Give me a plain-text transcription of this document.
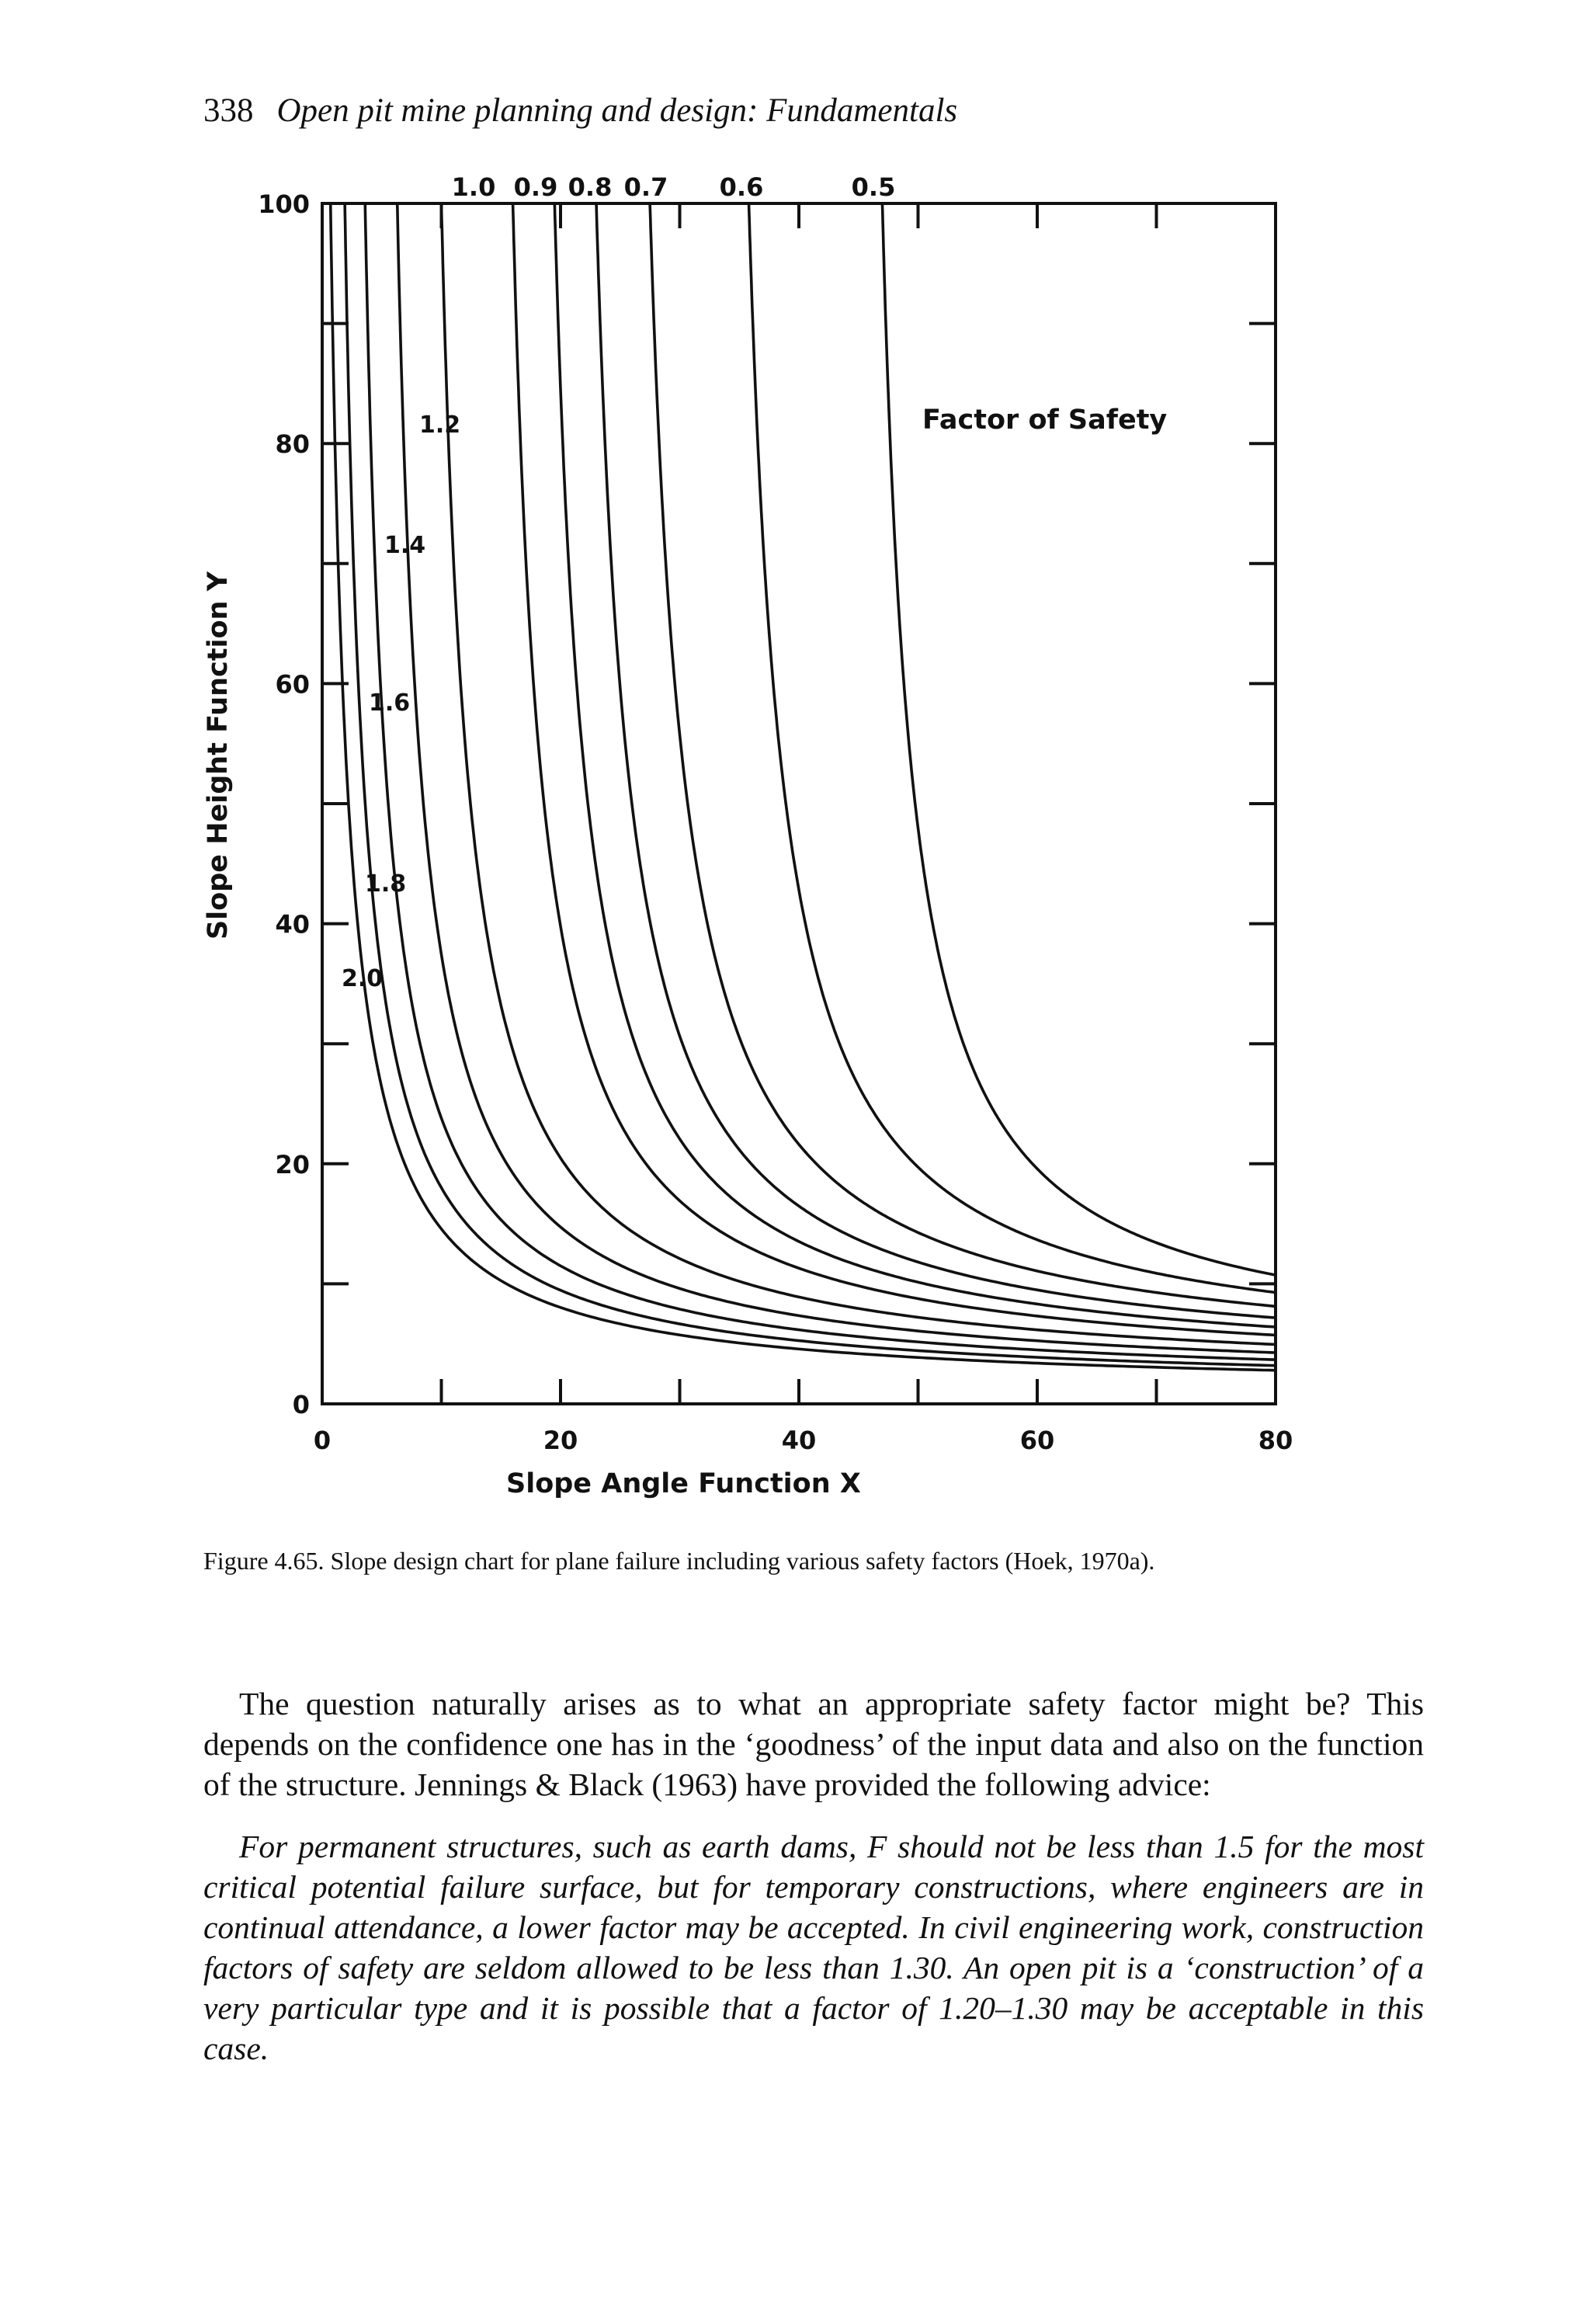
338 Open pit mine planning and design: Fundamentals
0	20	40	60	80
0
20
40
60
80
100
0.5
0.6
0.7
0.8
0.9
1.0
1.2
1.4
1.6
1.8
2.0
Factor of Safety
Slope Angle Function X
Slope Height Function Y
Figure 4.65. Slope design chart for plane failure including various safety factors (Hoek, 1970a).

The question naturally arises as to what an appropriate safety factor might be? This depends on the confidence one has in the ‘goodness’ of the input data and also on the function of the structure. Jennings & Black (1963) have provided the following advice:

For permanent structures, such as earth dams, F should not be less than 1.5 for the most critical potential failure surface, but for temporary constructions, where engineers are in continual attendance, a lower factor may be accepted. In civil engineering work, construction factors of safety are seldom allowed to be less than 1.30. An open pit is a ‘construction’ of a very particular type and it is possible that a factor of 1.20–1.30 may be acceptable in this case.
